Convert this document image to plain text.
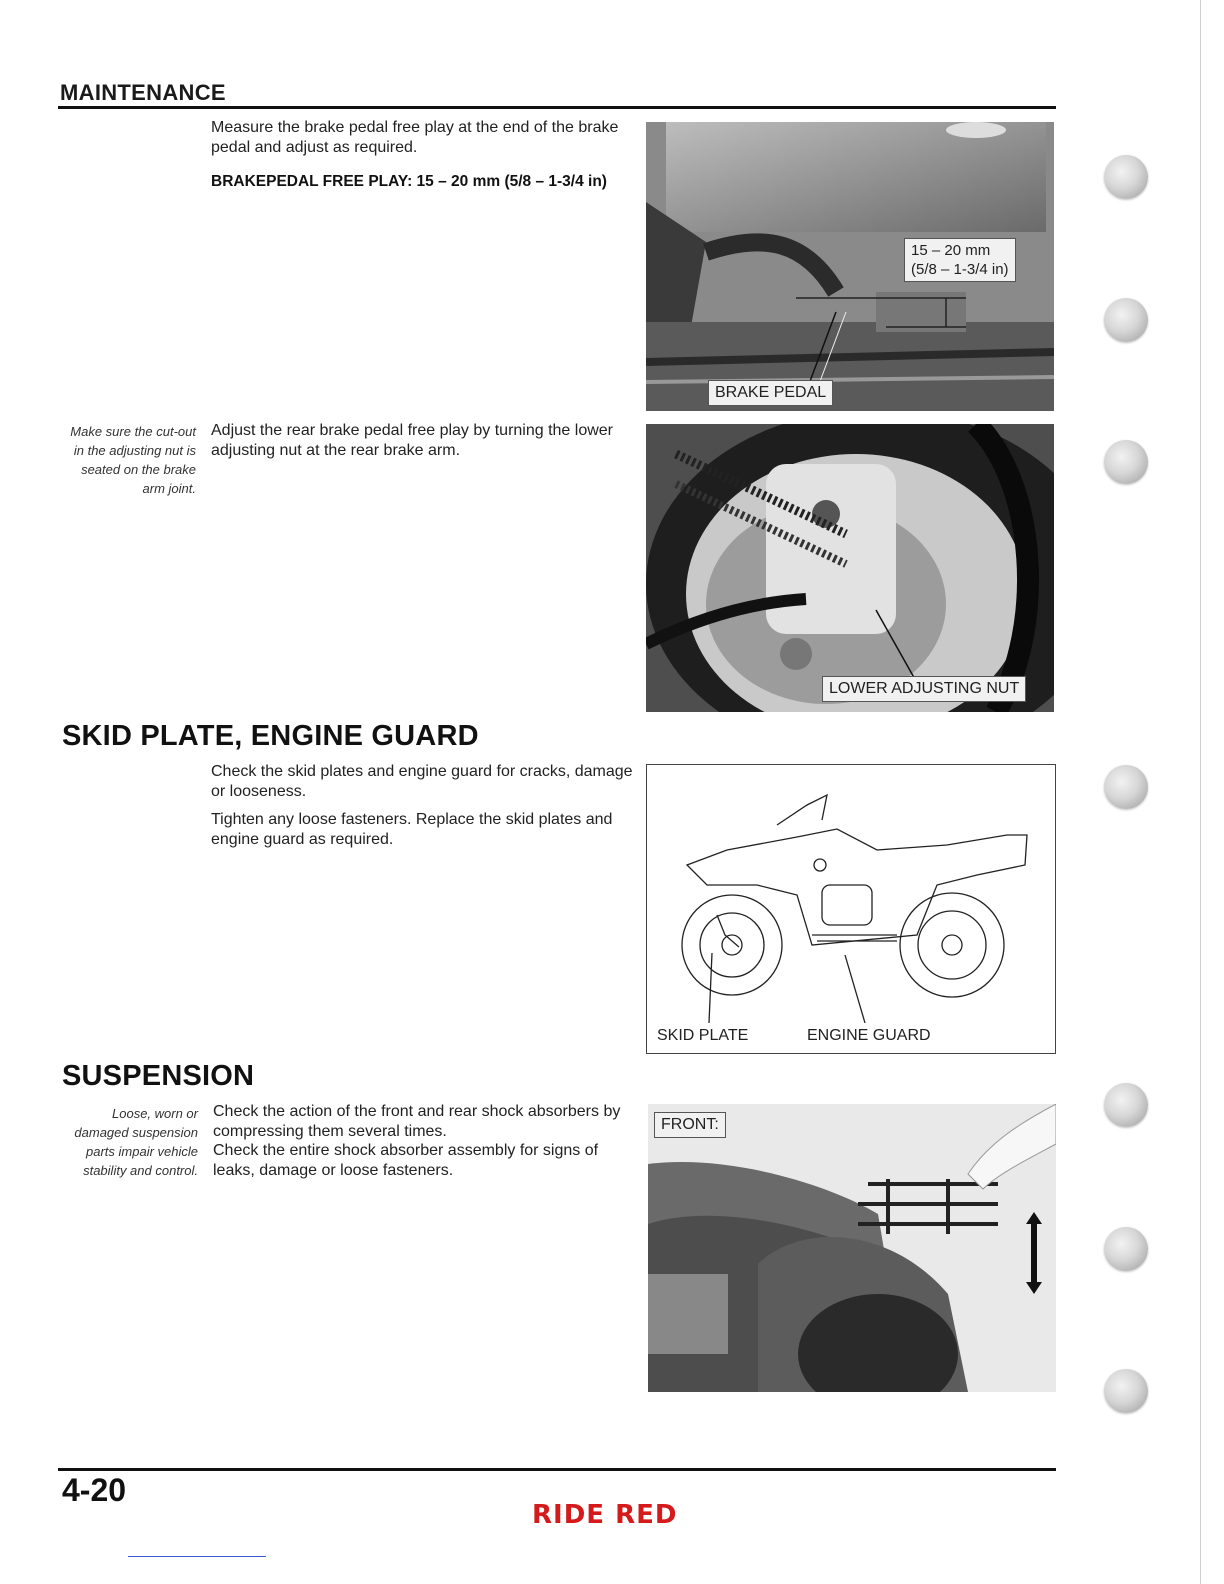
MAINTENANCE
Measure the brake pedal free play at the end of the brake pedal and adjust as required.
BRAKEPEDAL FREE PLAY: 15 – 20 mm (5/8 – 1-3/4 in)
15 – 20 mm
(5/8 – 1-3/4 in)
BRAKE PEDAL
Make sure the cut-out in the adjusting nut is seated on the brake arm joint.
Adjust the rear brake pedal free play by turning the lower adjusting nut at the rear brake arm.
LOWER ADJUSTING NUT
SKID PLATE, ENGINE GUARD
Check the skid plates and engine guard for cracks, damage or looseness.
Tighten any loose fasteners. Replace the skid plates and engine guard as required.
SKID PLATE	ENGINE GUARD
SUSPENSION
Loose, worn or damaged suspension parts impair vehicle stability and control.
Check the action of the front and rear shock absorbers by compressing them several times.
Check the entire shock absorber assembly for signs of leaks, damage or loose fasteners.
FRONT:
4-20
RIDE RED
